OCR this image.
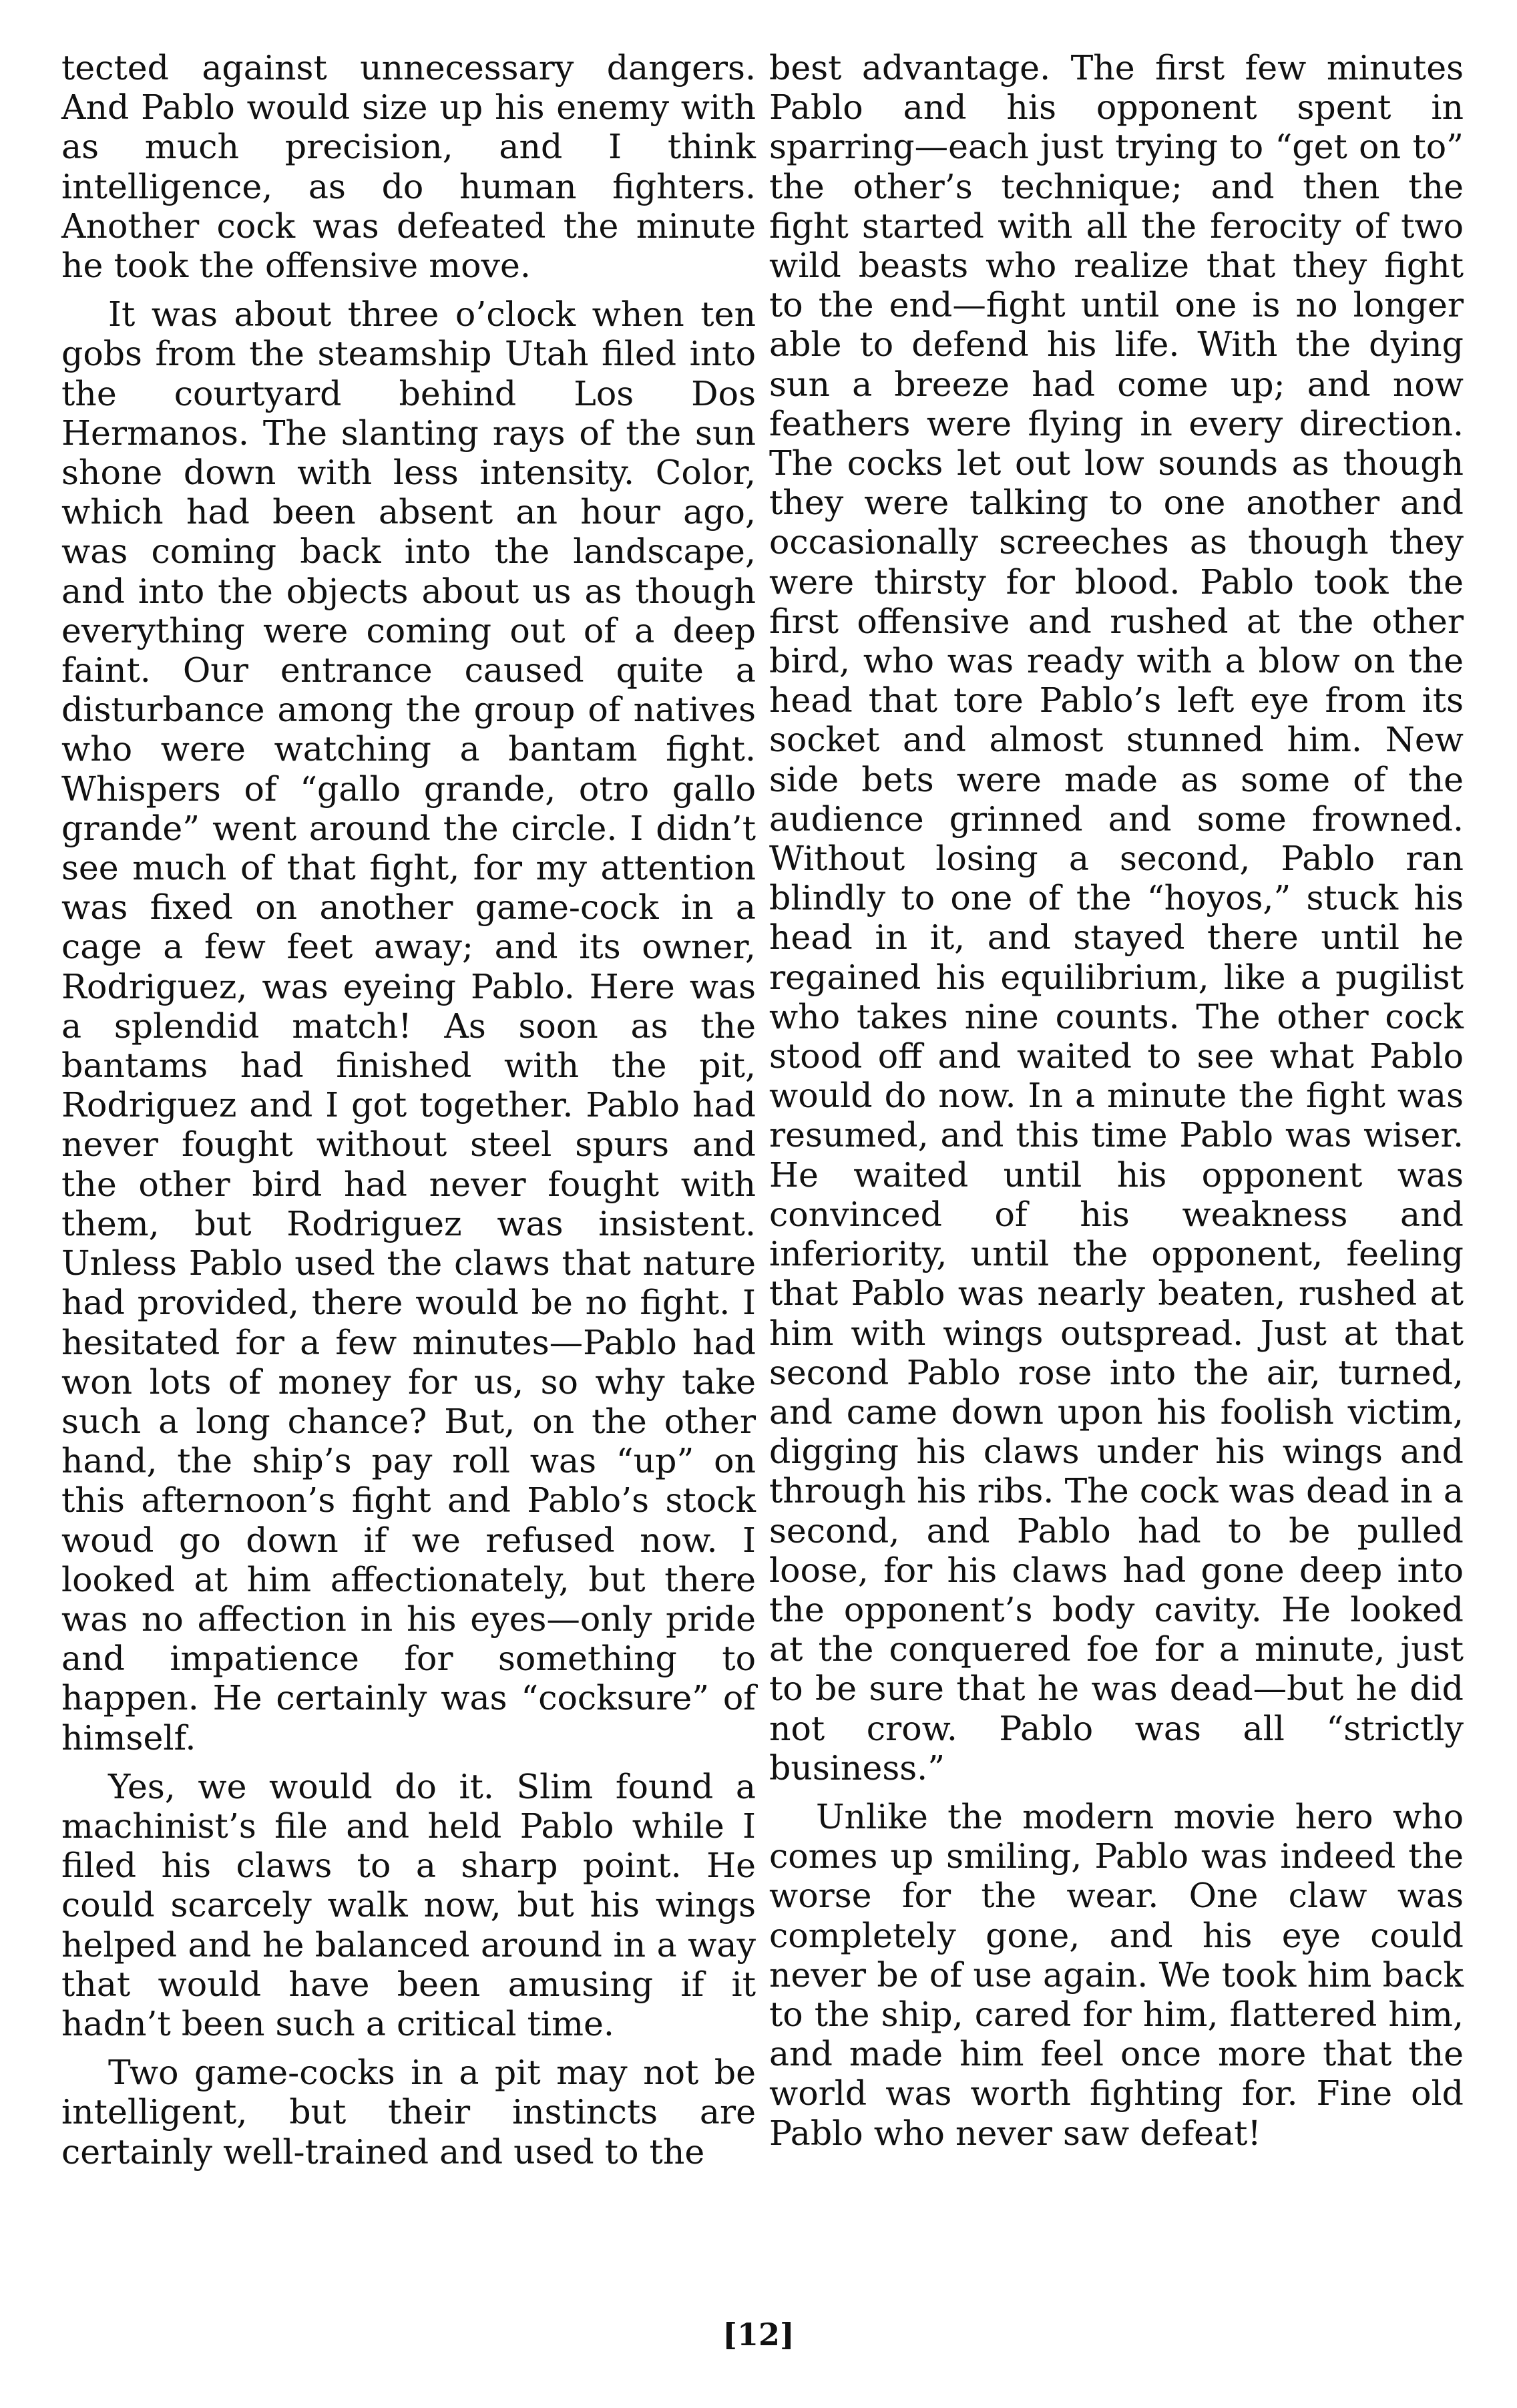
tected against unnecessary dangers. And Pablo would size up his enemy with as much precision, and I think intelligence, as do human fighters. Another cock was defeated the minute he took the offensive move.

It was about three o’clock when ten gobs from the steamship Utah filed into the courtyard behind Los Dos Hermanos. The slanting rays of the sun shone down with less intensity. Color, which had been absent an hour ago, was coming back into the landscape, and into the objects about us as though everything were coming out of a deep faint. Our entrance caused quite a disturbance among the group of natives who were watching a bantam fight. Whispers of “gallo grande, otro gallo grande” went around the circle. I didn’t see much of that fight, for my attention was fixed on another game-cock in a cage a few feet away; and its owner, Rodriguez, was eyeing Pablo. Here was a splendid match! As soon as the bantams had finished with the pit, Rodriguez and I got together. Pablo had never fought without steel spurs and the other bird had never fought with them, but Rodriguez was insistent. Unless Pablo used the claws that nature had provided, there would be no fight. I hesitated for a few minutes—Pablo had won lots of money for us, so why take such a long chance? But, on the other hand, the ship’s pay roll was “up” on this afternoon’s fight and Pablo’s stock woud go down if we refused now. I looked at him affectionately, but there was no affection in his eyes—only pride and impatience for something to happen. He certainly was “cocksure” of himself.

Yes, we would do it. Slim found a machinist’s file and held Pablo while I filed his claws to a sharp point. He could scarcely walk now, but his wings helped and he balanced around in a way that would have been amusing if it hadn’t been such a critical time.

Two game-cocks in a pit may not be intelligent, but their instincts are certainly well-trained and used to the

best advantage. The first few minutes Pablo and his opponent spent in sparring—each just trying to “get on to” the other’s technique; and then the fight started with all the ferocity of two wild beasts who realize that they fight to the end—fight until one is no longer able to defend his life. With the dying sun a breeze had come up; and now feathers were flying in every direction. The cocks let out low sounds as though they were talking to one another and occasionally screeches as though they were thirsty for blood. Pablo took the first offensive and rushed at the other bird, who was ready with a blow on the head that tore Pablo’s left eye from its socket and almost stunned him. New side bets were made as some of the audience grinned and some frowned. Without losing a second, Pablo ran blindly to one of the “hoyos,” stuck his head in it, and stayed there until he regained his equilibrium, like a pugilist who takes nine counts. The other cock stood off and waited to see what Pablo would do now. In a minute the fight was resumed, and this time Pablo was wiser. He waited until his opponent was convinced of his weakness and inferiority, until the opponent, feeling that Pablo was nearly beaten, rushed at him with wings outspread. Just at that second Pablo rose into the air, turned, and came down upon his foolish victim, digging his claws under his wings and through his ribs. The cock was dead in a second, and Pablo had to be pulled loose, for his claws had gone deep into the opponent’s body cavity. He looked at the conquered foe for a minute, just to be sure that he was dead—but he did not crow. Pablo was all “strictly business.”

Unlike the modern movie hero who comes up smiling, Pablo was indeed the worse for the wear. One claw was completely gone, and his eye could never be of use again. We took him back to the ship, cared for him, flattered him, and made him feel once more that the world was worth fighting for. Fine old Pablo who never saw defeat!

[12]
